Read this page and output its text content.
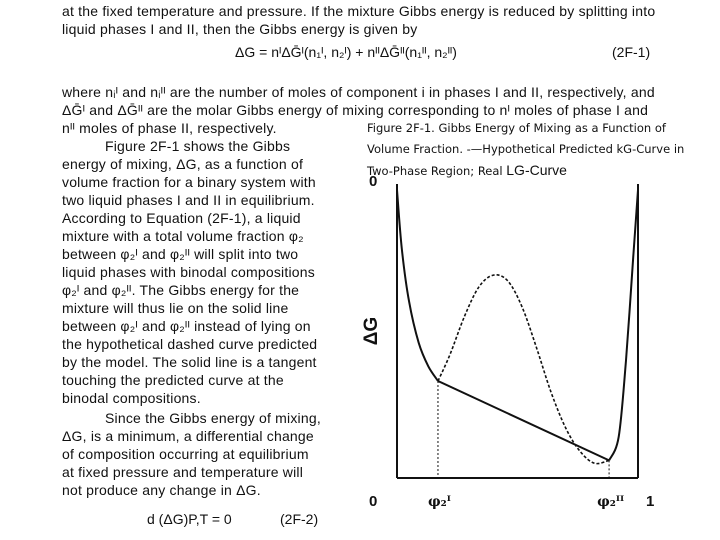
at the fixed temperature and pressure. If the mixture Gibbs energy is reduced by splitting into
liquid phases I and II, then the Gibbs energy is given by
ΔG = nᴵΔḠᴵ(n₁ᴵ, n₂ᴵ) + nᴵᴵΔḠᴵᴵ(n₁ᴵᴵ, n₂ᴵᴵ)	(2F-1)
where nᵢᴵ and nᵢᴵᴵ are the number of moles of component i in phases I and II, respectively, and
ΔḠᴵ and ΔḠᴵᴵ are the molar Gibbs energy of mixing corresponding to nᴵ moles of phase I and
nᴵᴵ moles of phase II, respectively.
Figure 2F-1 shows the Gibbs
energy of mixing, ΔG, as a function of
volume fraction for a binary system with
two liquid phases I and II in equilibrium.
According to Equation (2F-1), a liquid
mixture with a total volume fraction φ₂
between φ₂ᴵ and φ₂ᴵᴵ will split into two
liquid phases with binodal compositions
φ₂ᴵ and φ₂ᴵᴵ. The Gibbs energy for the
mixture will thus lie on the solid line
between φ₂ᴵ and φ₂ᴵᴵ instead of lying on
the hypothetical dashed curve predicted
by the model. The solid line is a tangent
touching the predicted curve at the
binodal compositions.
Since the Gibbs energy of mixing,
ΔG, is a minimum, a differential change
of composition occurring at equilibrium
at fixed pressure and temperature will
not produce any change in ΔG.
d (ΔG)P,T = 0	(2F-2)
Figure 2F-1. Gibbs Energy of Mixing as a Function of Volume Fraction. -—Hypothetical Predicted kG-Curve in Two-Phase Region; Real LG-Curve
0	φ₂ᴵ	φ₂ᴵᴵ 1
0
ΔG
